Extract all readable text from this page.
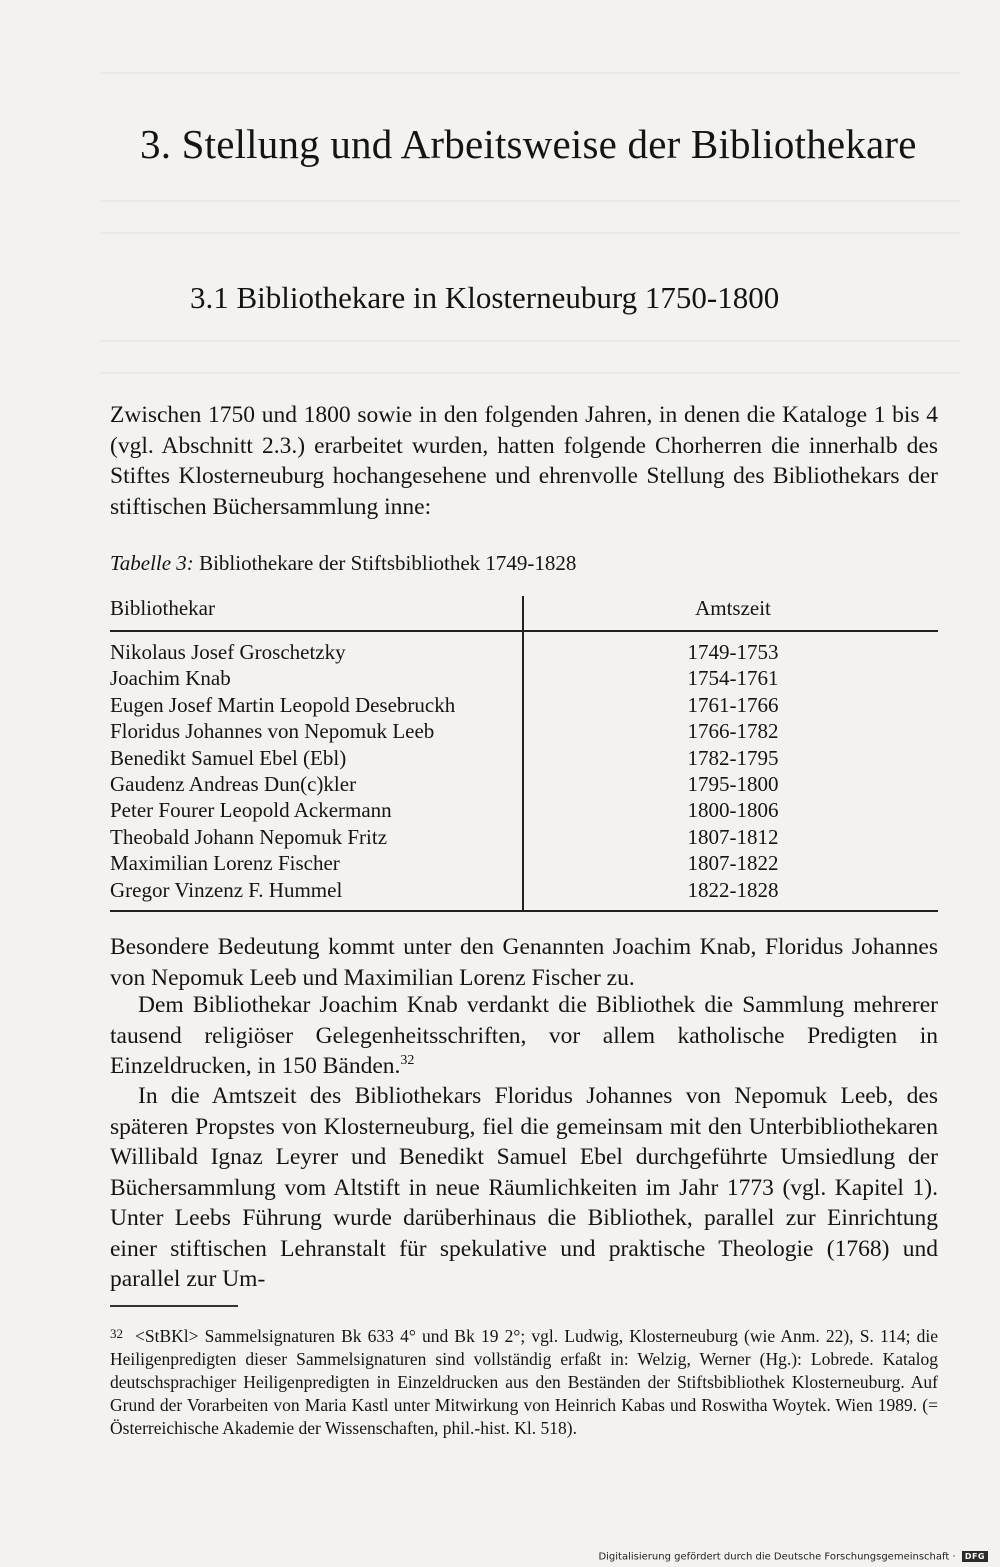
3. Stellung und Arbeitsweise der Bibliothekare
3.1 Bibliothekare in Klosterneuburg 1750-1800

Zwischen 1750 und 1800 sowie in den folgenden Jahren, in denen die Kataloge 1 bis 4 (vgl. Abschnitt 2.3.) erarbeitet wurden, hatten folgende Chorherren die innerhalb des Stiftes Klosterneuburg hochangesehene und ehrenvolle Stellung des Bibliothekars der stiftischen Büchersammlung inne:

Tabelle 3: Bibliothekare der Stiftsbibliothek 1749-1828

Bibliothekar	Amtszeit
Nikolaus Josef Groschetzky	1749-1753
Joachim Knab	1754-1761
Eugen Josef Martin Leopold Desebruckh	1761-1766
Floridus Johannes von Nepomuk Leeb	1766-1782
Benedikt Samuel Ebel (Ebl)	1782-1795
Gaudenz Andreas Dun(c)kler	1795-1800
Peter Fourer Leopold Ackermann	1800-1806
Theobald Johann Nepomuk Fritz	1807-1812
Maximilian Lorenz Fischer	1807-1822
Gregor Vinzenz F. Hummel	1822-1828

Besondere Bedeutung kommt unter den Genannten Joachim Knab, Floridus Johannes von Nepomuk Leeb und Maximilian Lorenz Fischer zu.

Dem Bibliothekar Joachim Knab verdankt die Bibliothek die Sammlung mehrerer tausend religiöser Gelegenheitsschriften, vor allem katholische Predigten in Einzeldrucken, in 150 Bänden.$^{32}$

In die Amtszeit des Bibliothekars Floridus Johannes von Nepomuk Leeb, des späteren Propstes von Klosterneuburg, fiel die gemeinsam mit den Unterbibliothekaren Willibald Ignaz Leyrer und Benedikt Samuel Ebel durchgeführte Umsiedlung der Büchersammlung vom Altstift in neue Räumlichkeiten im Jahr 1773 (vgl. Kapitel 1). Unter Leebs Führung wurde darüberhinaus die Bibliothek, parallel zur Einrichtung einer stiftischen Lehranstalt für spekulative und praktische Theologie (1768) und parallel zur Um-

$^{32}$ <StBKl> Sammelsignaturen Bk 633 4° und Bk 19 2°; vgl. Ludwig, Klosterneuburg (wie Anm. 22), S. 114; die Heiligenpredigten dieser Sammelsignaturen sind vollständig erfaßt in: Welzig, Werner (Hg.): Lobrede. Katalog deutschsprachiger Heiligenpredigten in Einzeldrucken aus den Beständen der Stiftsbibliothek Klosterneuburg. Auf Grund der Vorarbeiten von Maria Kastl unter Mitwirkung von Heinrich Kabas und Roswitha Woytek. Wien 1989. (= Österreichische Akademie der Wissenschaften, phil.-hist. Kl. 518).

Digitalisierung gefördert durch die Deutsche Forschungsgemeinschaft · DFG
